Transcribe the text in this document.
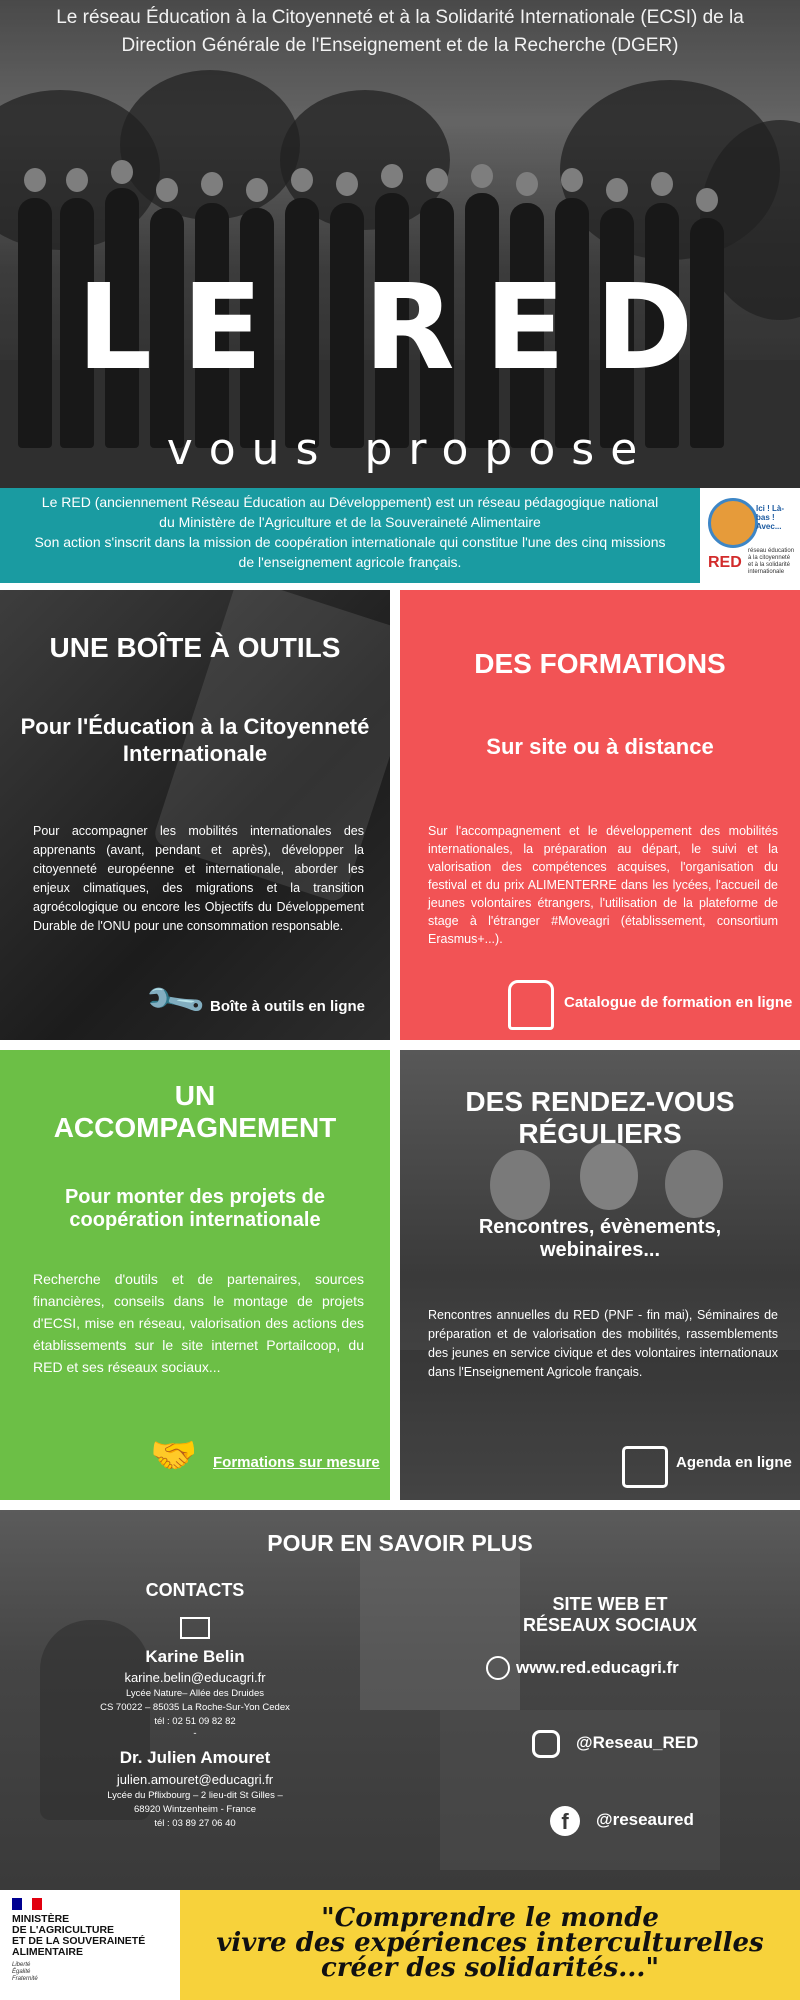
Le réseau Éducation à la Citoyenneté et à la Solidarité Internationale (ECSI) de la
Direction Générale de l'Enseignement et de la Recherche (DGER)
LE RED
vous propose
Le RED (anciennement Réseau Éducation au Développement) est un réseau pédagogique national
du Ministère de l'Agriculture et de la Souveraineté Alimentaire
Son action s'inscrit dans la mission de coopération internationale qui constitue l'une des cinq missions
de l'enseignement agricole français.
Ici ! Là-bas ! Avec...
RED
réseau éducation à la citoyenneté et à la solidarité internationale
UNE BOÎTE À OUTILS
Pour l'Éducation à la Citoyenneté Internationale
Pour accompagner les mobilités internationales des apprenants (avant, pendant et après), développer la citoyenneté européenne et internationale, aborder les enjeux climatiques, des migrations et la transition agroécologique ou encore les Objectifs du Développement Durable de l'ONU pour une consommation responsable.
🔧 Boîte à outils en ligne
DES FORMATIONS
Sur site ou à distance
Sur l'accompagnement et le développement des mobilités internationales, la préparation au départ, le suivi et la valorisation des compétences acquises, l'organisation du festival et du prix ALIMENTERRE dans les lycées, l'accueil de jeunes volontaires étrangers, l'utilisation de la plateforme de stage à l'étranger #Moveagri (établissement, consortium Erasmus+...).
Catalogue de formation en ligne
UN
ACCOMPAGNEMENT
Pour monter des projets de coopération internationale
Recherche d'outils et de partenaires, sources financières, conseils dans le montage de projets d'ECSI, mise en réseau, valorisation des actions des établissements sur le site internet Portailcoop, du RED et ses réseaux sociaux...
🤝 Formations sur mesure
DES RENDEZ-VOUS
RÉGULIERS
Rencontres, évènements, webinaires...
Rencontres annuelles du RED (PNF - fin mai), Séminaires de préparation et de valorisation des mobilités, rassemblements des jeunes en service civique et des volontaires internationaux dans l'Enseignement Agricole français.
Agenda en ligne
POUR EN SAVOIR PLUS
CONTACTS
Karine Belin
karine.belin@educagri.fr
Lycée Nature– Allée des Druides
CS 70022 – 85035 La Roche-Sur-Yon Cedex
tél : 02 51 09 82 82
-
Dr. Julien Amouret
julien.amouret@educagri.fr
Lycée du Pflixbourg – 2 lieu-dit St Gilles –
68920 Wintzenheim - France
tél : 03 89 27 06 40
SITE WEB ET
RÉSEAUX SOCIAUX
www.red.educagri.fr
@Reseau_RED
f	@reseaured
MINISTÈRE
DE L'AGRICULTURE
ET DE LA SOUVERAINETÉ
ALIMENTAIRE
Liberté
Égalité
Fraternité
"Comprendre le monde
vivre des expériences interculturelles
créer des solidarités..."
